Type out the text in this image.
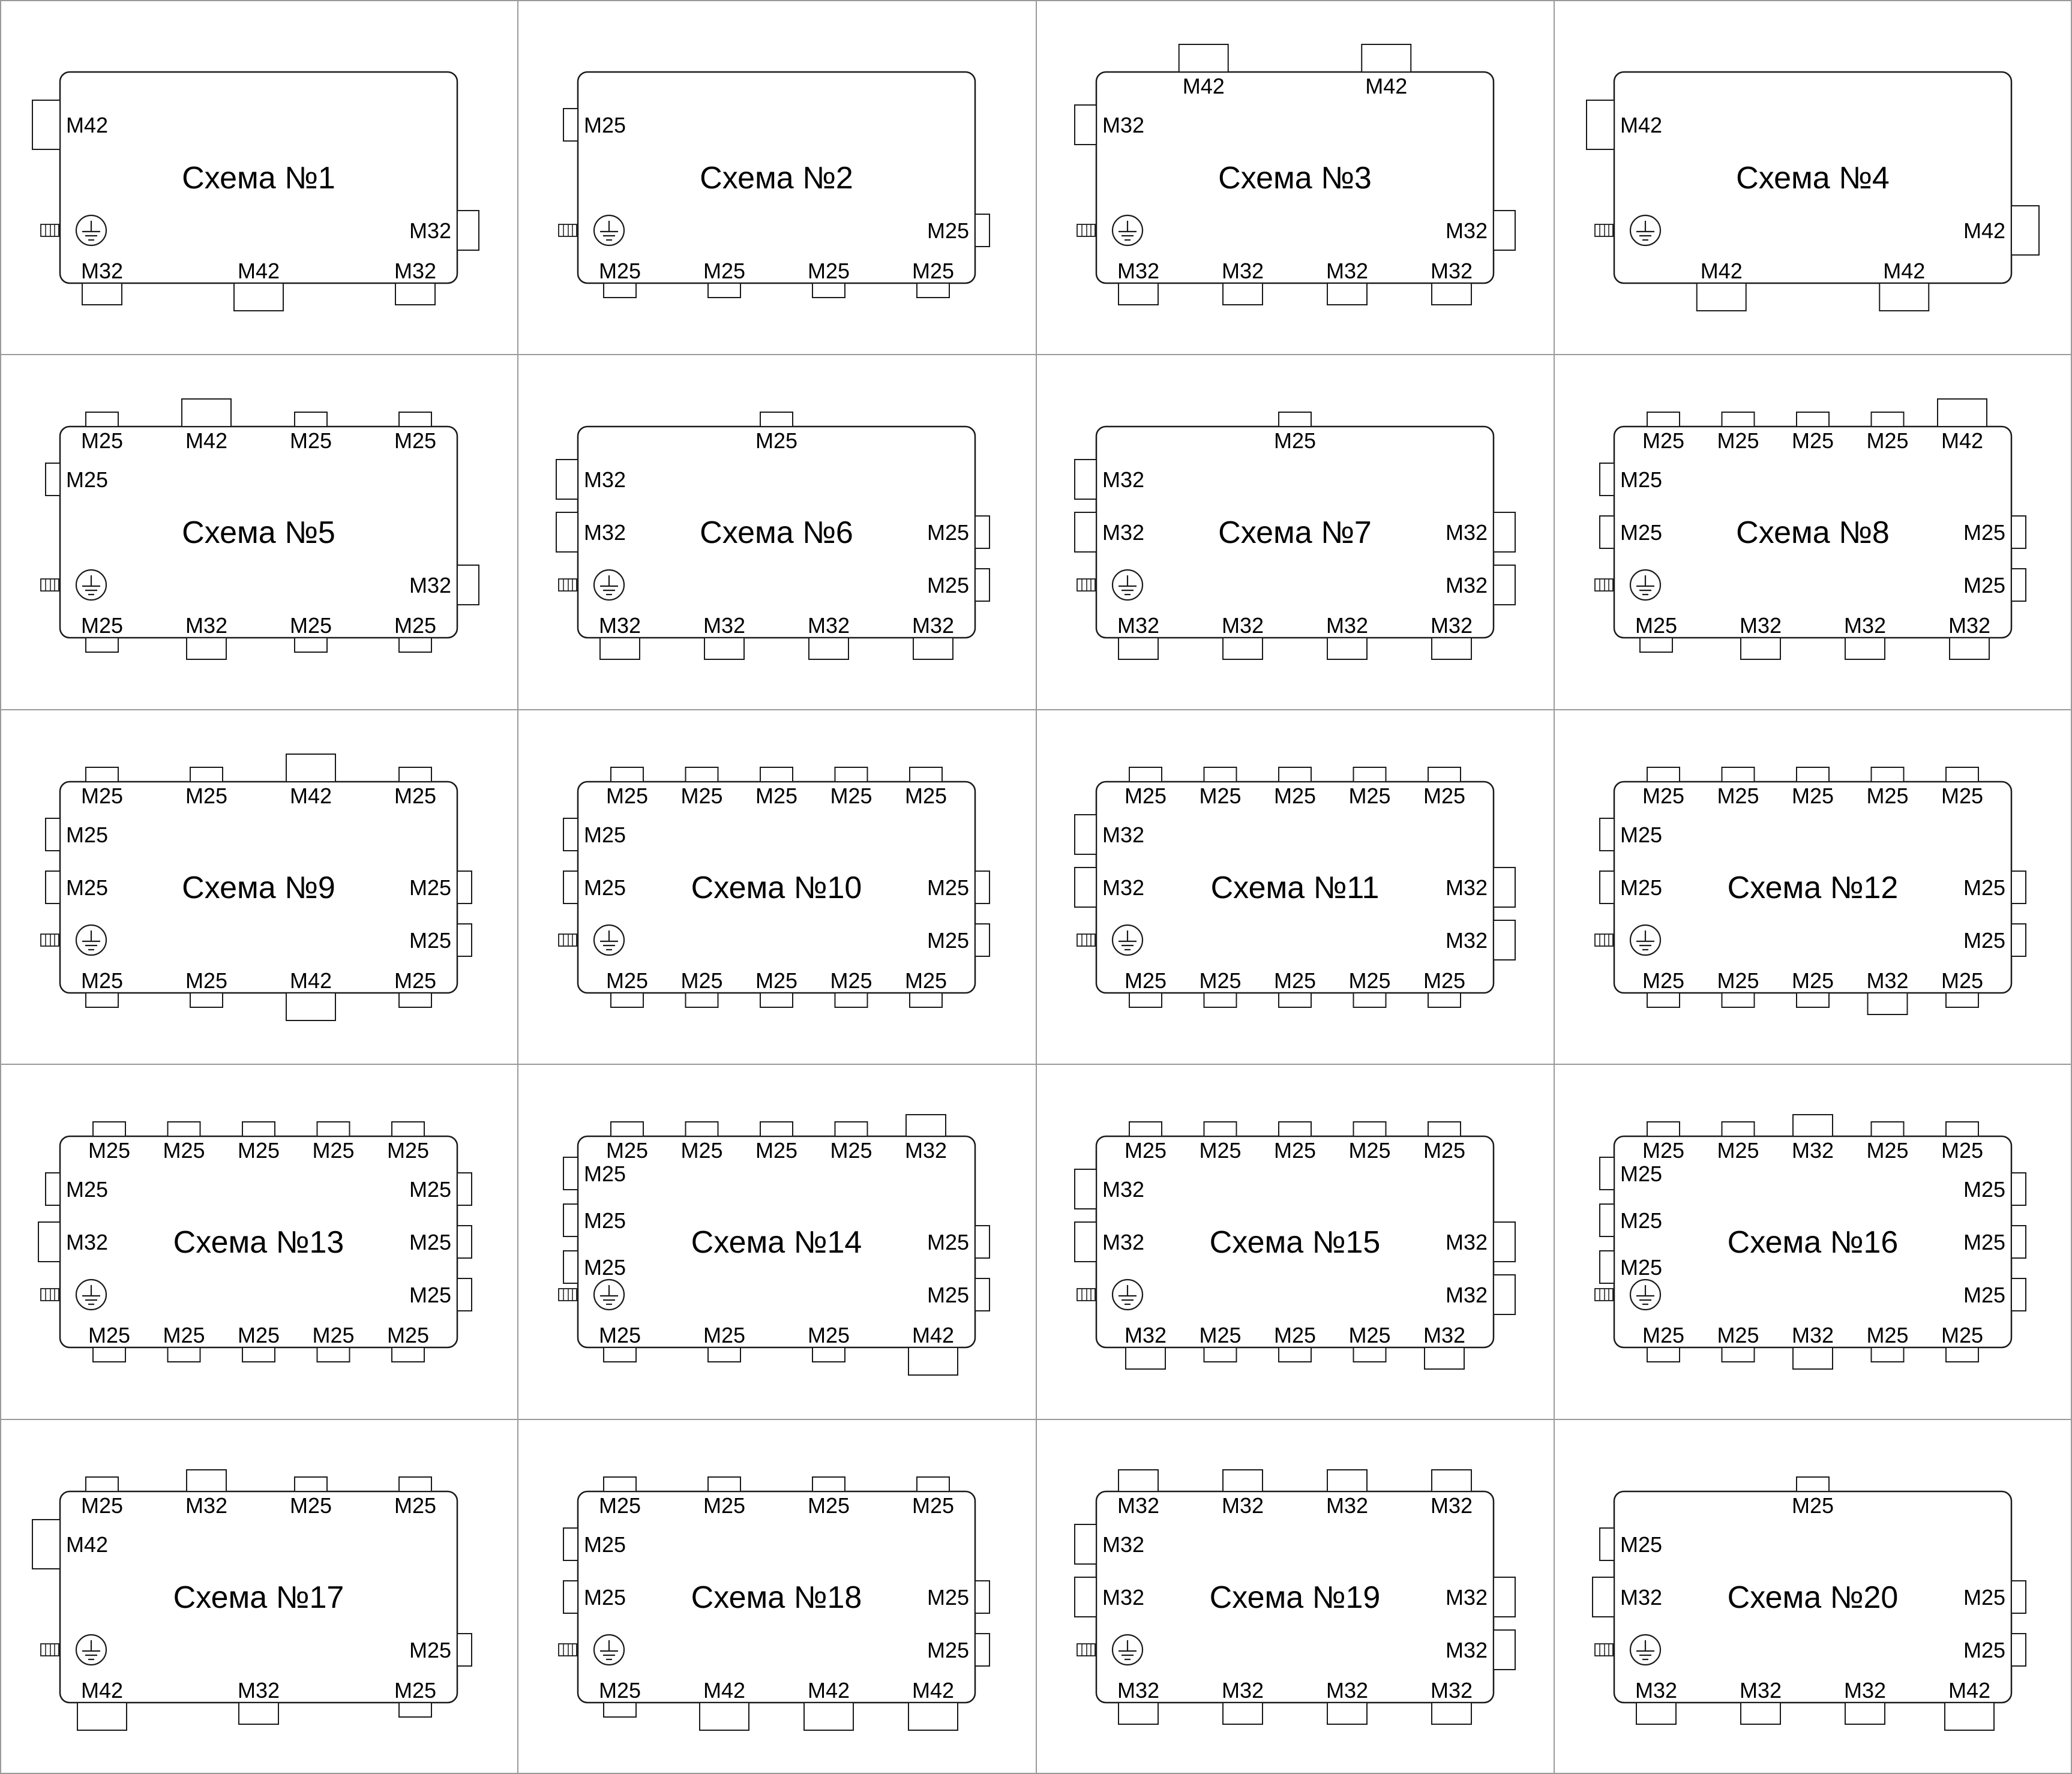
Схема №1
M32	M42	M32
M42
M32
Схема №2
M25	M25	M25	M25
M25
M25
Схема №3
M42	M42
M32	M32	M32	M32
M32
M32
Схема №4
M42	M42
M42
M42
Схема №5
M25	M42	M25	M25
M25	M32	M25	M25
M25
M32
Схема №6
M25
M32	M32	M32	M32
M32
M32	M25
M25
Схема №7
M25
M32	M32	M32	M32
M32
M32	M32
M32
Схема №8
M25 M25 M25 M25 M42
M25	M32	M32	M32
M25
M25	M25
M25
Схема №9
M25	M25	M42	M25
M25	M25	M42	M25
M25
M25	M25
M25
Схема №10
M25 M25 M25 M25 M25
M25 M25 M25 M25 M25
M25
M25	M25
M25
Схема №11
M25 M25 M25 M25 M25
M25 M25 M25 M25 M25
M32
M32	M32
M32
Схема №12
M25 M25 M25 M25 M25
M25 M25 M25 M32 M25
M25
M25	M25
M25
Схема №13
M25 M25 M25 M25 M25
M25 M25 M25 M25 M25
M25
M32
M25
M25
M25
Схема №14
M25 M25 M25 M25 M32
M25	M25	M25	M42
M25
M25
M25
M25
M25
Схема №15
M25 M25 M25 M25 M25
M32 M25 M25 M25 M32
M32
M32	M32
M32
Схема №16
M25 M25 M32 M25 M25
M25 M25 M32 M25 M25
M25
M25
M25
M25
M25
M25
Схема №17
M25	M32	M25	M25
M42	M32	M25
M42
M25
Схема №18
M25	M25	M25	M25
M25	M42	M42	M42
M25
M25	M25
M25
Схема №19
M32	M32	M32	M32
M32	M32	M32	M32
M32
M32	M32
M32
Схема №20
M25
M32	M32	M32	M42
M25
M32	M25
M25
